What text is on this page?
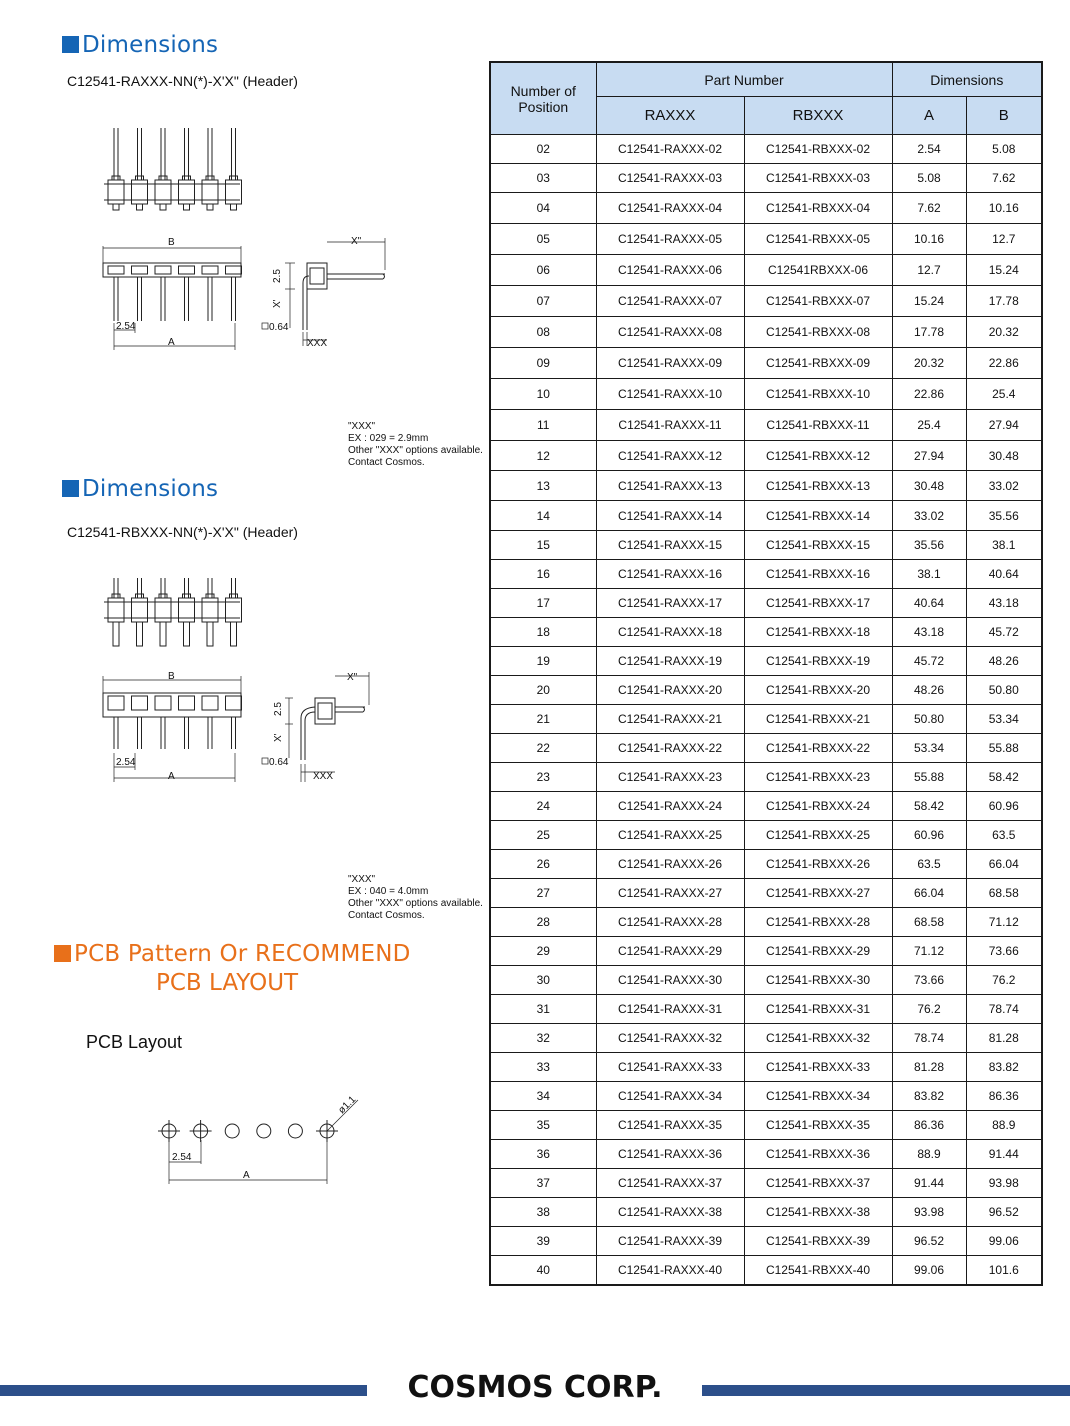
Dimensions
C12541-RAXXX-NN(*)-X'X" (Header)
B
2.54
A
X"
2.5
X'
0.64
XXX
"XXX"
EX : 029 = 2.9mm
Other "XXX" options available.
Contact Cosmos.
Dimensions
C12541-RBXXX-NN(*)-X'X" (Header)
B
2.54
A
X"
2.5
X'
0.64
XXX
"XXX"
EX : 040 = 4.0mm
Other "XXX" options available.
Contact Cosmos.
PCB Pattern Or RECOMMEND
PCB LAYOUT
PCB Layout
2.54
A
ø1.1
Number of Position	Part Number		Dimensions	
	RAXXX	RBXXX	A	B
02	C12541-RAXXX-02	C12541-RBXXX-02	2.54	5.08
03	C12541-RAXXX-03	C12541-RBXXX-03	5.08	7.62
04	C12541-RAXXX-04	C12541-RBXXX-04	7.62	10.16
05	C12541-RAXXX-05	C12541-RBXXX-05	10.16	12.7
06	C12541-RAXXX-06	C12541RBXXX-06	12.7	15.24
07	C12541-RAXXX-07	C12541-RBXXX-07	15.24	17.78
08	C12541-RAXXX-08	C12541-RBXXX-08	17.78	20.32
09	C12541-RAXXX-09	C12541-RBXXX-09	20.32	22.86
10	C12541-RAXXX-10	C12541-RBXXX-10	22.86	25.4
11	C12541-RAXXX-11	C12541-RBXXX-11	25.4	27.94
12	C12541-RAXXX-12	C12541-RBXXX-12	27.94	30.48
13	C12541-RAXXX-13	C12541-RBXXX-13	30.48	33.02
14	C12541-RAXXX-14	C12541-RBXXX-14	33.02	35.56
15	C12541-RAXXX-15	C12541-RBXXX-15	35.56	38.1
16	C12541-RAXXX-16	C12541-RBXXX-16	38.1	40.64
17	C12541-RAXXX-17	C12541-RBXXX-17	40.64	43.18
18	C12541-RAXXX-18	C12541-RBXXX-18	43.18	45.72
19	C12541-RAXXX-19	C12541-RBXXX-19	45.72	48.26
20	C12541-RAXXX-20	C12541-RBXXX-20	48.26	50.80
21	C12541-RAXXX-21	C12541-RBXXX-21	50.80	53.34
22	C12541-RAXXX-22	C12541-RBXXX-22	53.34	55.88
23	C12541-RAXXX-23	C12541-RBXXX-23	55.88	58.42
24	C12541-RAXXX-24	C12541-RBXXX-24	58.42	60.96
25	C12541-RAXXX-25	C12541-RBXXX-25	60.96	63.5
26	C12541-RAXXX-26	C12541-RBXXX-26	63.5	66.04
27	C12541-RAXXX-27	C12541-RBXXX-27	66.04	68.58
28	C12541-RAXXX-28	C12541-RBXXX-28	68.58	71.12
29	C12541-RAXXX-29	C12541-RBXXX-29	71.12	73.66
30	C12541-RAXXX-30	C12541-RBXXX-30	73.66	76.2
31	C12541-RAXXX-31	C12541-RBXXX-31	76.2	78.74
32	C12541-RAXXX-32	C12541-RBXXX-32	78.74	81.28
33	C12541-RAXXX-33	C12541-RBXXX-33	81.28	83.82
34	C12541-RAXXX-34	C12541-RBXXX-34	83.82	86.36
35	C12541-RAXXX-35	C12541-RBXXX-35	86.36	88.9
36	C12541-RAXXX-36	C12541-RBXXX-36	88.9	91.44
37	C12541-RAXXX-37	C12541-RBXXX-37	91.44	93.98
38	C12541-RAXXX-38	C12541-RBXXX-38	93.98	96.52
39	C12541-RAXXX-39	C12541-RBXXX-39	96.52	99.06
40	C12541-RAXXX-40	C12541-RBXXX-40	99.06	101.6
COSMOS CORP.
